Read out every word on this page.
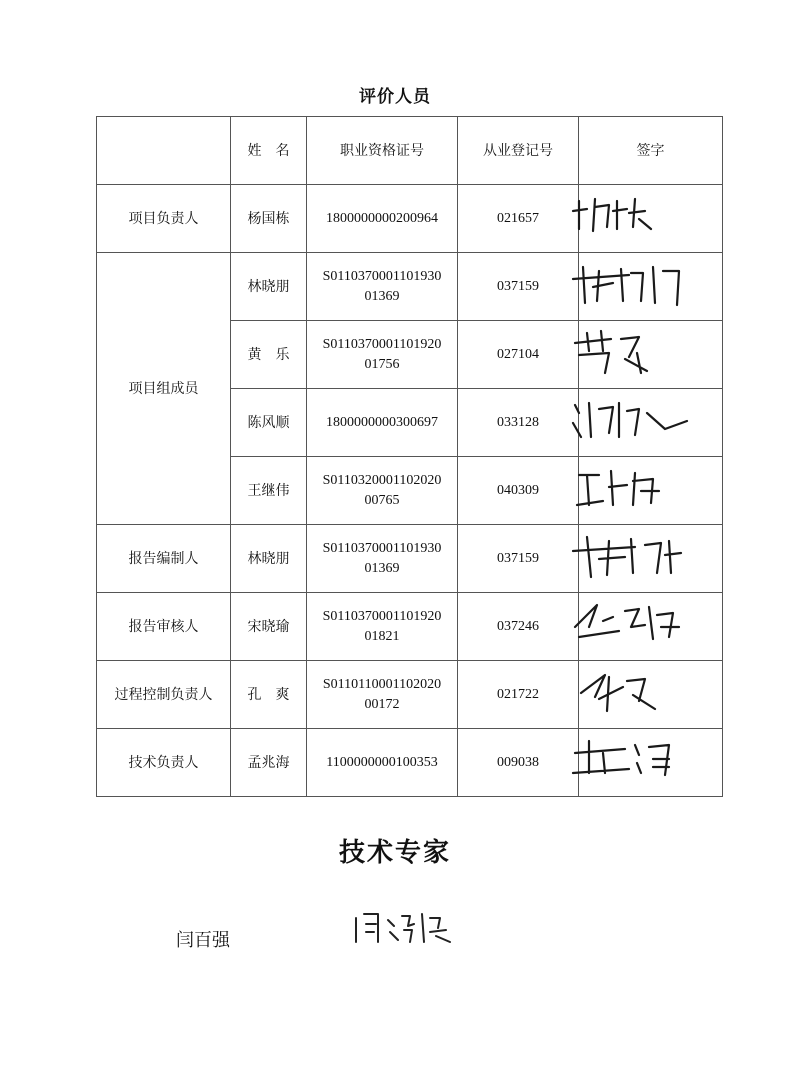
评价人员
	姓　名	职业资格证号	从业登记号	签字
项目负责人	杨国栋	1800000000200964	021657	

项目组成员	林晓朋	S0110370001101930
01369	037159	

	黄　乐	S0110370001101920
01756	027104	

	陈风顺	1800000000300697	033128	

	王继伟	S0110320001102020
00765	040309	

报告编制人	林晓朋	S0110370001101930
01369	037159	

报告审核人	宋晓瑜	S0110370001101920
01821	037246	

过程控制负责人	孔　爽	S0110110001102020
00172	021722	

技术负责人	孟兆海	1100000000100353	009038	
技术专家
闫百强
